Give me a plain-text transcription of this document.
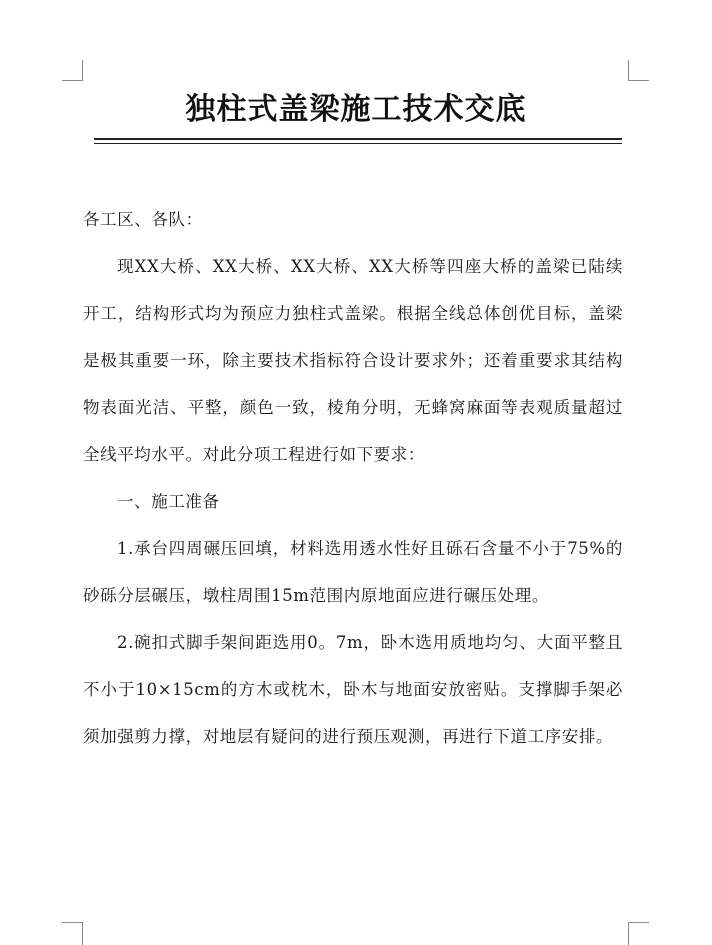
独柱式盖梁施工技术交底

各工区、各队：

现XX大桥、XX大桥、XX大桥、XX大桥等四座大桥的盖梁已陆续开工，结构形式均为预应力独柱式盖梁。根据全线总体创优目标，盖梁是极其重要一环，除主要技术指标符合设计要求外；还着重要求其结构物表面光洁、平整，颜色一致，棱角分明，无蜂窝麻面等表观质量超过全线平均水平。对此分项工程进行如下要求：

一、施工准备

1.承台四周碾压回填，材料选用透水性好且砾石含量不小于75%的砂砾分层碾压，墩柱周围15m范围内原地面应进行碾压处理。

2.碗扣式脚手架间距选用0。7m，卧木选用质地均匀、大面平整且不小于10×15cm的方木或枕木，卧木与地面安放密贴。支撑脚手架必须加强剪力撑，对地层有疑问的进行预压观测，再进行下道工序安排。
